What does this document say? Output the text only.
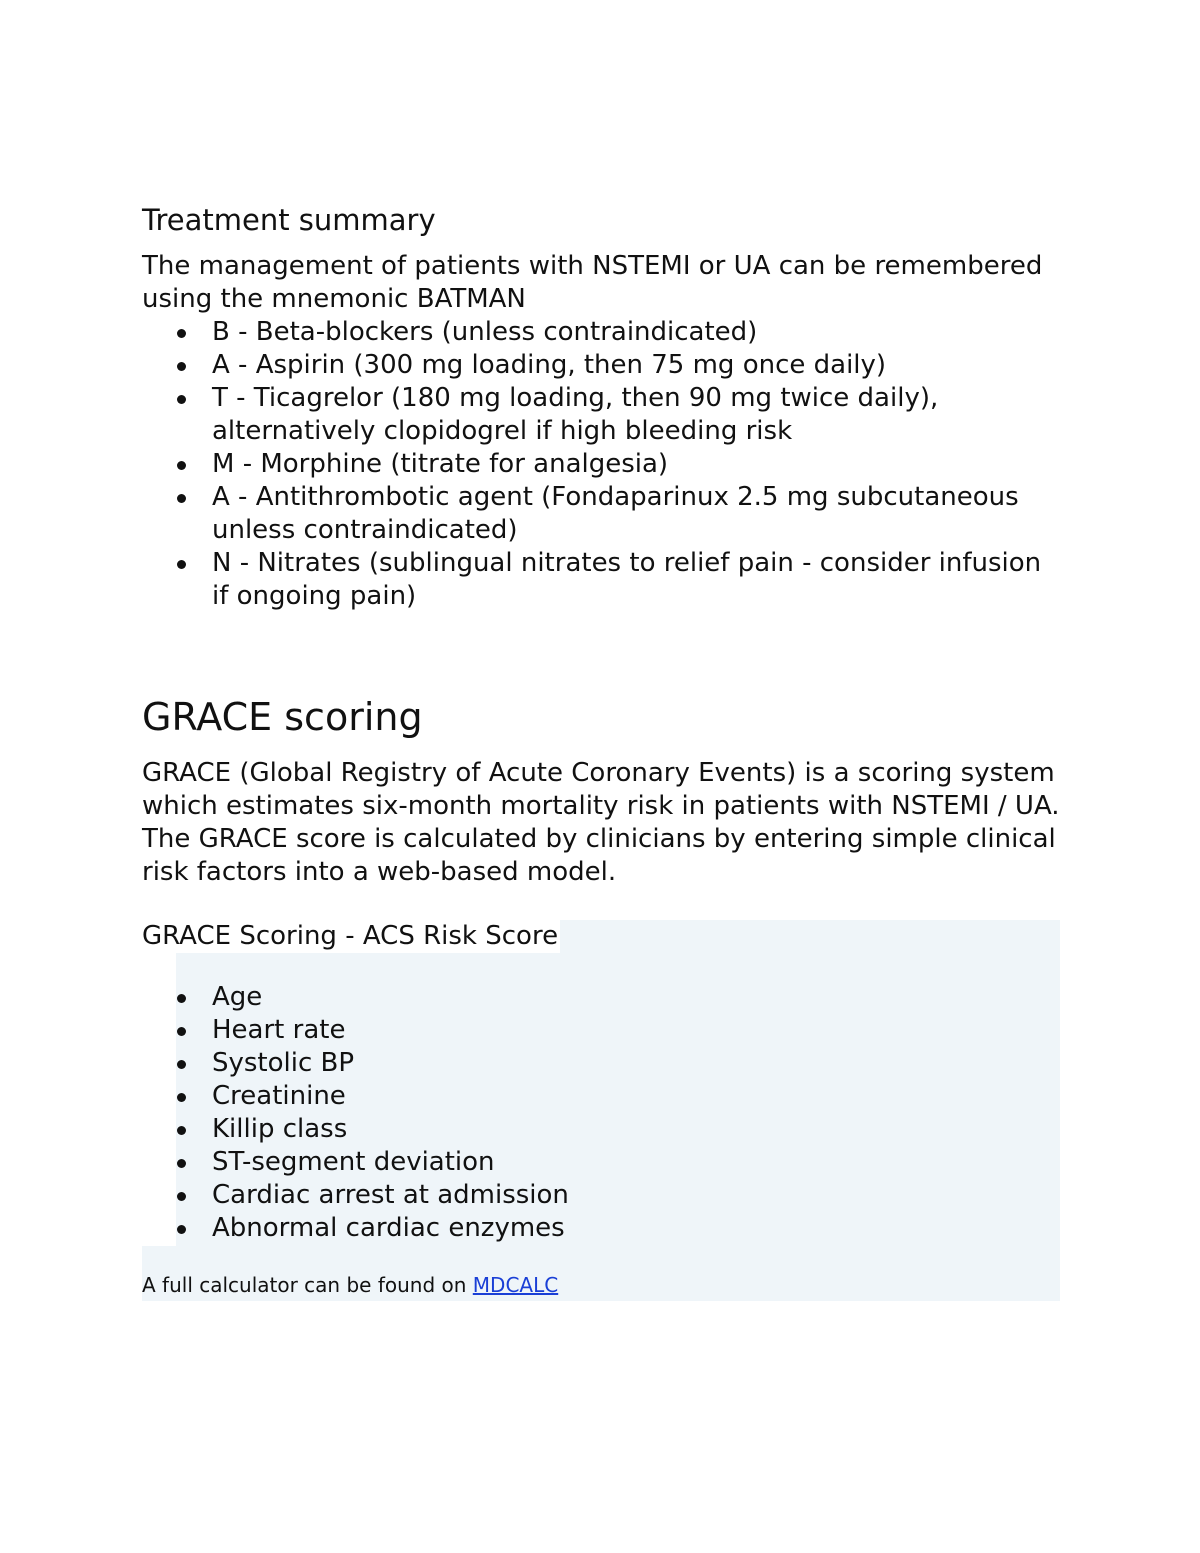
Treatment summary

The management of patients with NSTEMI or UA can be remembered using the mnemonic BATMAN

B - Beta-blockers (unless contraindicated)
A - Aspirin (300 mg loading, then 75 mg once daily)
T - Ticagrelor (180 mg loading, then 90 mg twice daily), alternatively clopidogrel if high bleeding risk
M - Morphine (titrate for analgesia)
A - Antithrombotic agent (Fondaparinux 2.5 mg subcutaneous unless contraindicated)
N - Nitrates (sublingual nitrates to relief pain - consider infusion if ongoing pain)
GRACE scoring

GRACE (Global Registry of Acute Coronary Events) is a scoring system which estimates six-month mortality risk in patients with NSTEMI / UA.

The GRACE score is calculated by clinicians by entering simple clinical risk factors into a web-based model.

GRACE Scoring - ACS Risk Score
Age
Heart rate
Systolic BP
Creatinine
Killip class
ST-segment deviation
Cardiac arrest at admission
Abnormal cardiac enzymes
A full calculator can be found on MDCALC
